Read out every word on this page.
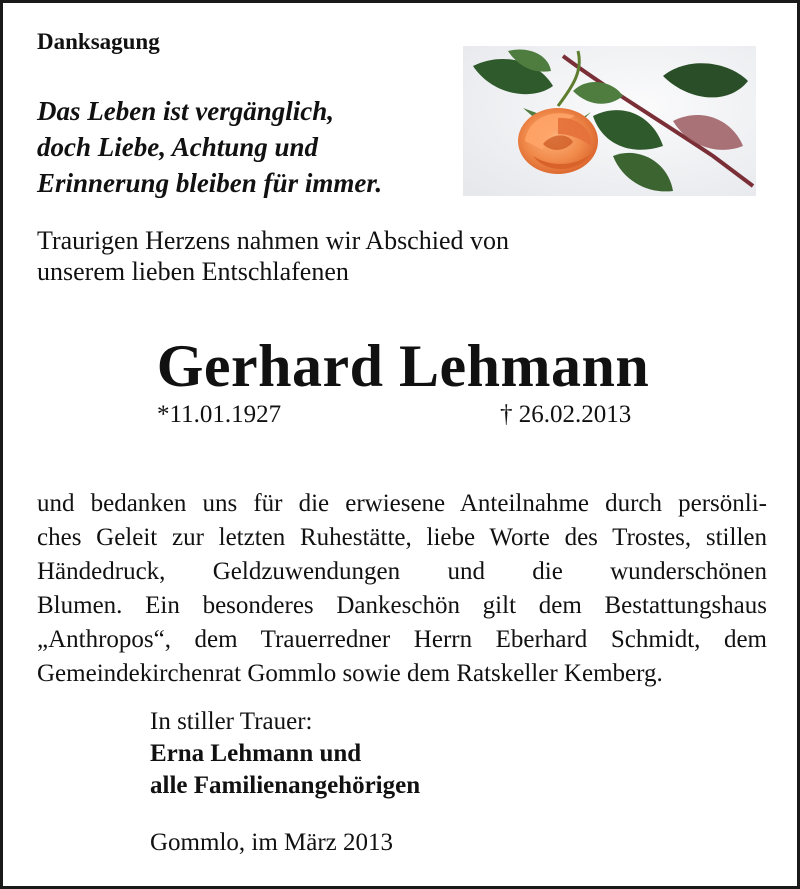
Danksagung
Das Leben ist vergänglich,
doch Liebe, Achtung und
Erinnerung bleiben für immer.
Traurigen Herzens nahmen wir Abschied von
unserem lieben Entschlafenen
Gerhard Lehmann
*11.01.1927	† 26.02.2013
und bedanken uns für die erwiesene Anteilnahme durch persönli-
ches Geleit zur letzten Ruhestätte, liebe Worte des Trostes, stillen
Händedruck, Geldzuwendungen und die wunderschönen
Blumen. Ein besonderes Dankeschön gilt dem Bestattungshaus
„Anthropos“, dem Trauerredner Herrn Eberhard Schmidt, dem
Gemeindekirchenrat Gommlo sowie dem Ratskeller Kemberg.
In stiller Trauer:
Erna Lehmann und
alle Familienangehörigen
Gommlo, im März 2013
